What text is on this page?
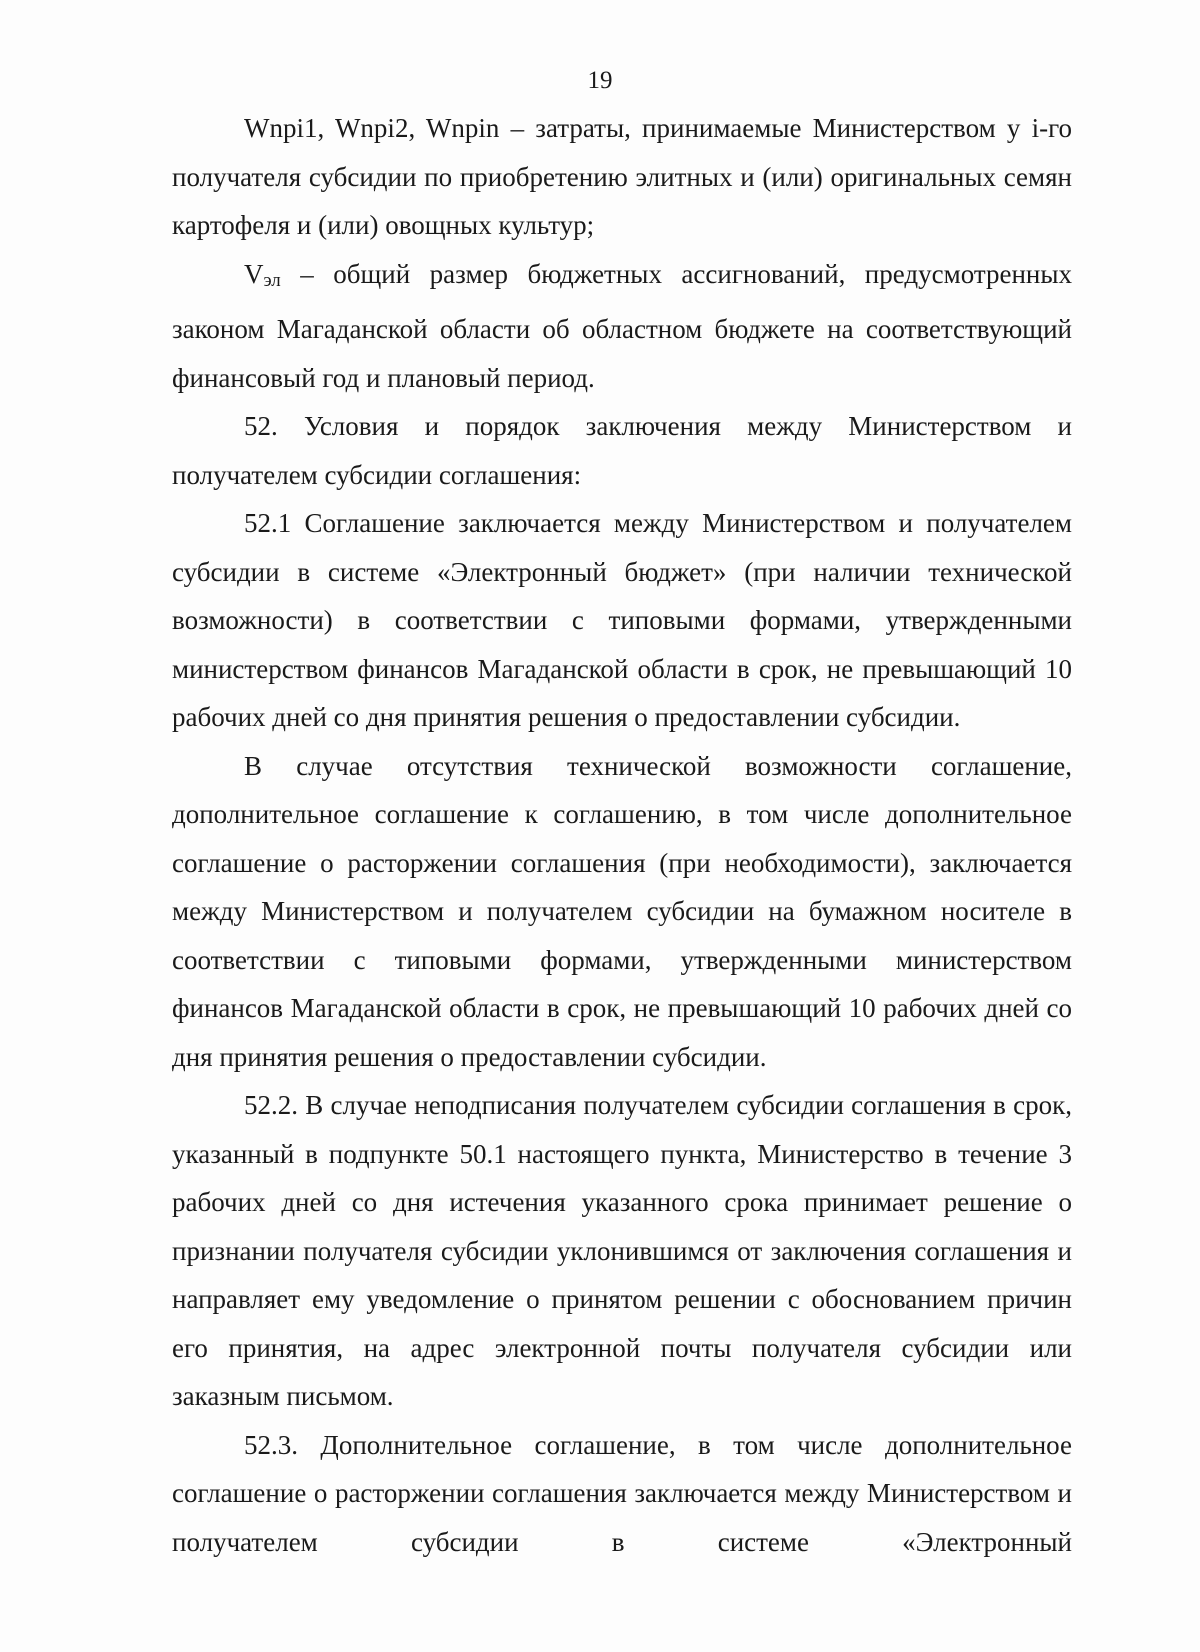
19

Wnpi1, Wnpi2, Wnpin – затраты, принимаемые Министерством у i-го получателя субсидии по приобретению элитных и (или) оригинальных семян картофеля и (или) овощных культур;

Vэл – общий размер бюджетных ассигнований, предусмотренных законом Магаданской области об областном бюджете на соответствующий финансовый год и плановый период.

52. Условия и порядок заключения между Министерством и получателем субсидии соглашения:

52.1 Соглашение заключается между Министерством и получателем субсидии в системе «Электронный бюджет» (при наличии технической возможности) в соответствии с типовыми формами, утвержденными министерством финансов Магаданской области в срок, не превышающий 10 рабочих дней со дня принятия решения о предоставлении субсидии.

В случае отсутствия технической возможности соглашение, дополнительное соглашение к соглашению, в том числе дополнительное соглашение о расторжении соглашения (при необходимости), заключается между Министерством и получателем субсидии на бумажном носителе в соответствии с типовыми формами, утвержденными министерством финансов Магаданской области в срок, не превышающий 10 рабочих дней со дня принятия решения о предоставлении субсидии.

52.2. В случае неподписания получателем субсидии соглашения в срок, указанный в подпункте 50.1 настоящего пункта, Министерство в течение 3 рабочих дней со дня истечения указанного срока принимает решение о признании получателя субсидии уклонившимся от заключения соглашения и направляет ему уведомление о принятом решении с обоснованием причин его принятия, на адрес электронной почты получателя субсидии или заказным письмом.

52.3. Дополнительное соглашение, в том числе дополнительное соглашение о расторжении соглашения заключается между Министерством и получателем субсидии в системе «Электронный
